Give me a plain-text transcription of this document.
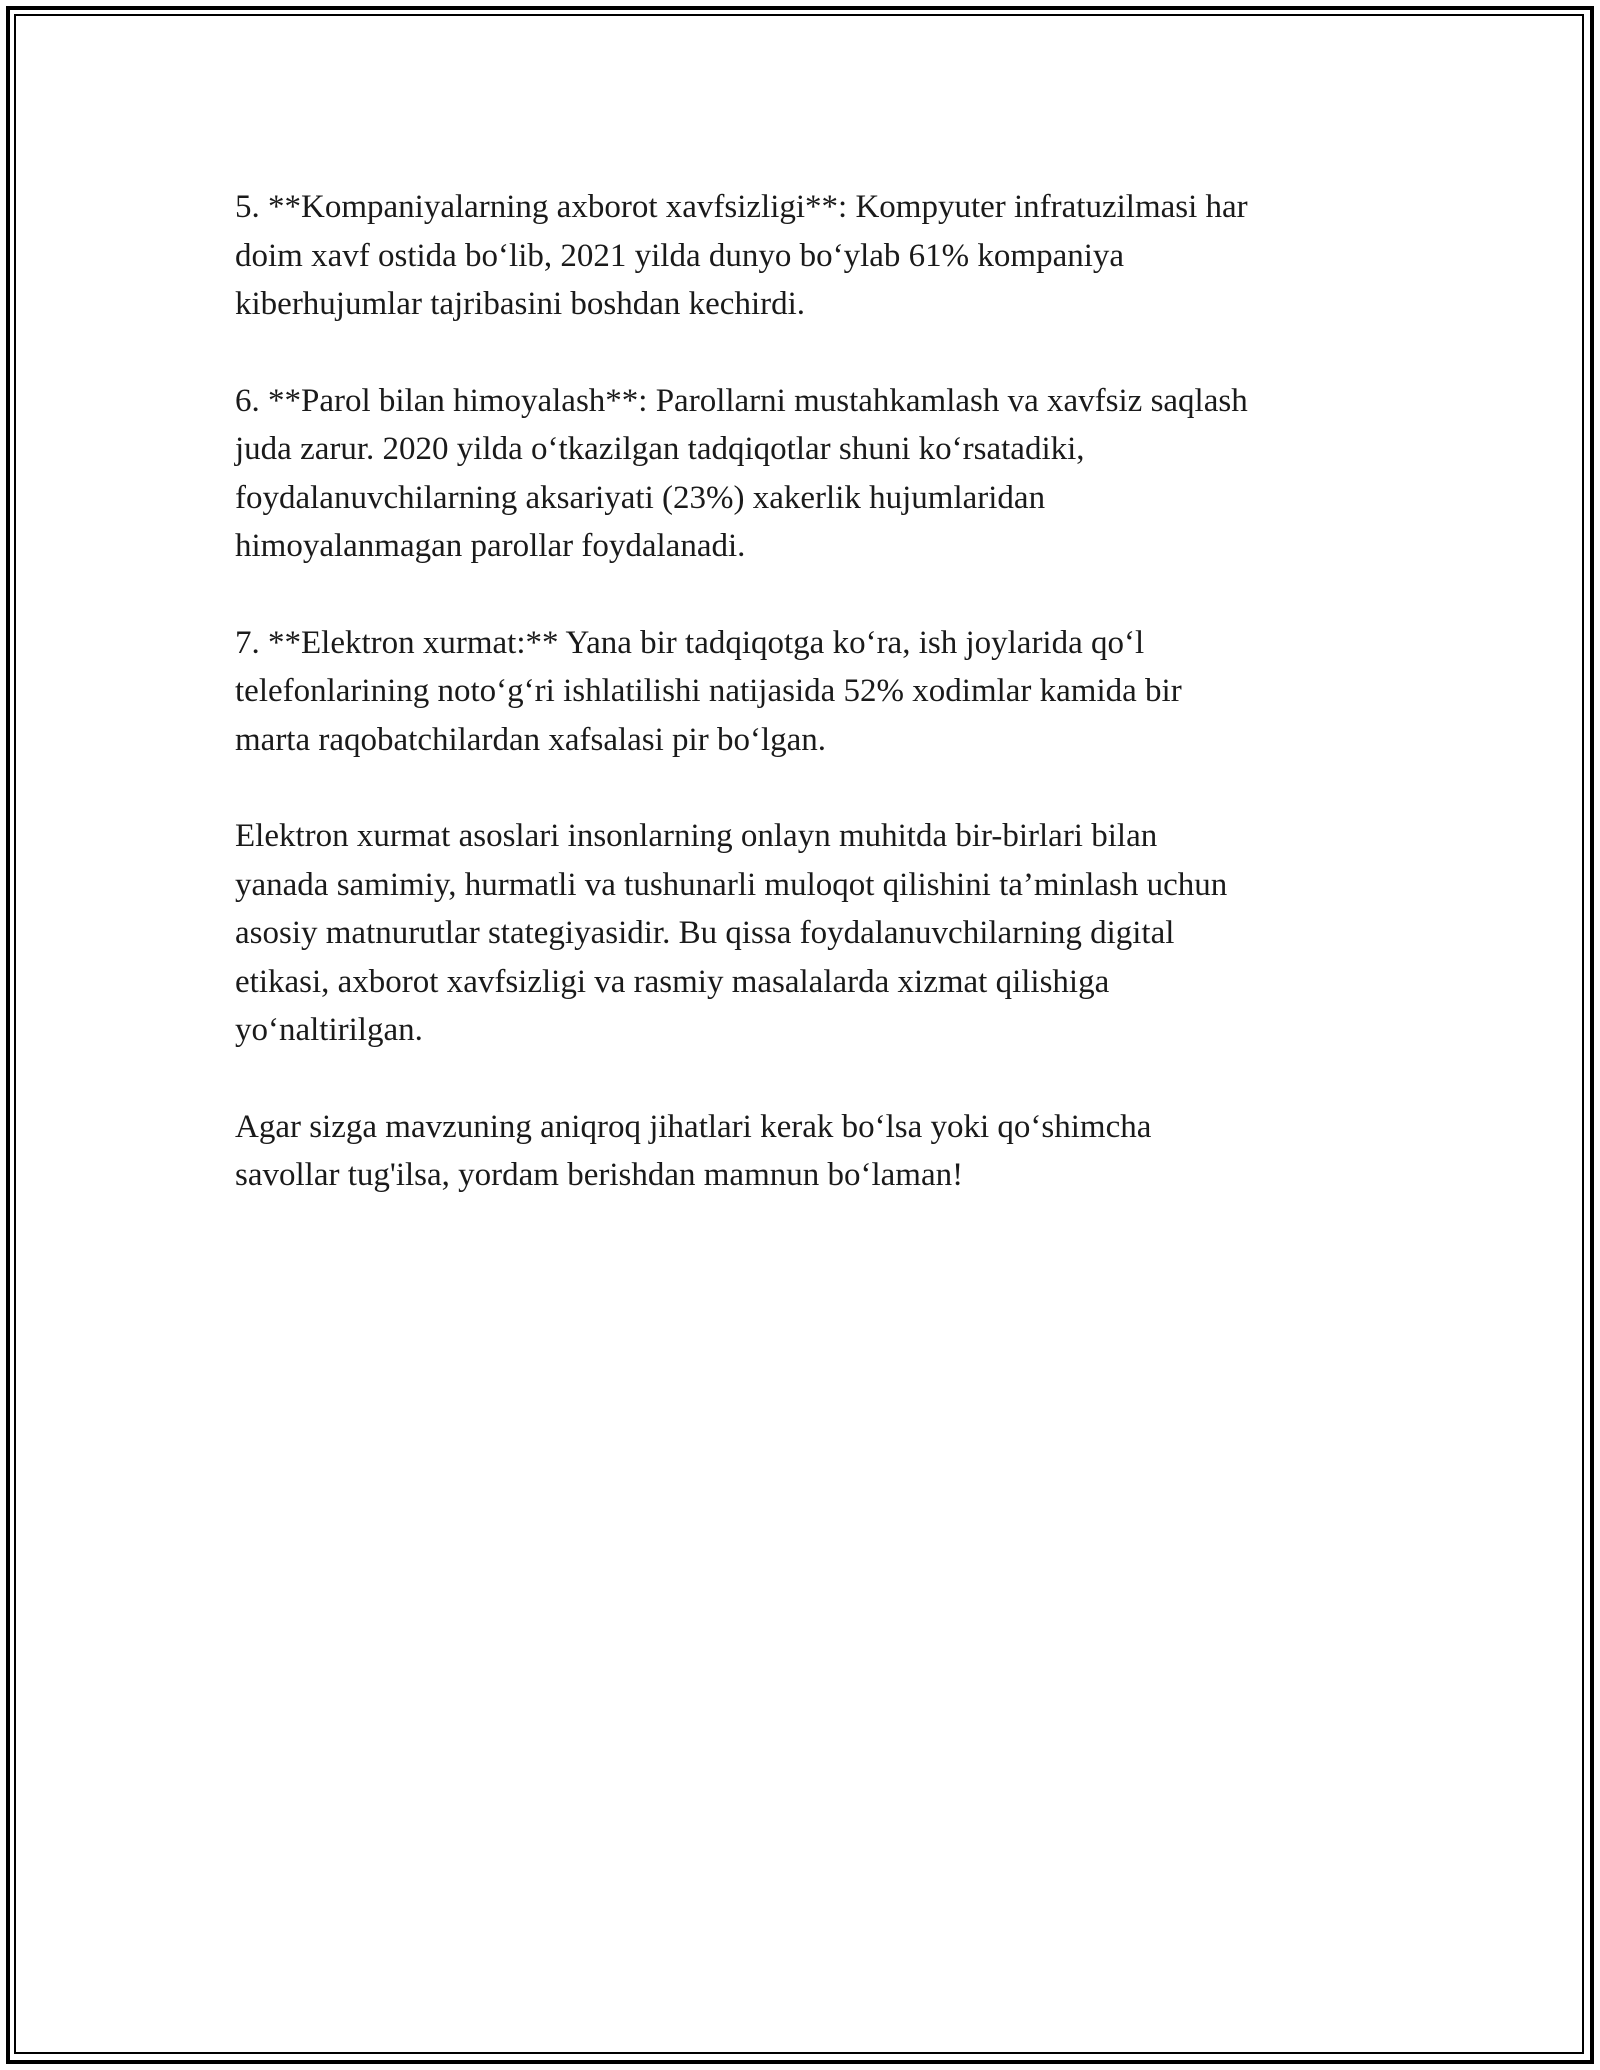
5. **Kompaniyalarning axborot xavfsizligi**: Kompyuter infratuzilmasi har
doim xavf ostida bo‘lib, 2021 yilda dunyo bo‘ylab 61% kompaniya
kiberhujumlar tajribasini boshdan kechirdi.

6. **Parol bilan himoyalash**: Parollarni mustahkamlash va xavfsiz saqlash
juda zarur. 2020 yilda o‘tkazilgan tadqiqotlar shuni ko‘rsatadiki,
foydalanuvchilarning aksariyati (23%) xakerlik hujumlaridan
himoyalanmagan parollar foydalanadi.

7. **Elektron xurmat:** Yana bir tadqiqotga ko‘ra, ish joylarida qo‘l
telefonlarining noto‘g‘ri ishlatilishi natijasida 52% xodimlar kamida bir
marta raqobatchilardan xafsalasi pir bo‘lgan.

Elektron xurmat asoslari insonlarning onlayn muhitda bir-birlari bilan
yanada samimiy, hurmatli va tushunarli muloqot qilishini ta’minlash uchun
asosiy matnurutlar stategiyasidir. Bu qissa foydalanuvchilarning digital
etikasi, axborot xavfsizligi va rasmiy masalalarda xizmat qilishiga
yo‘naltirilgan.

Agar sizga mavzuning aniqroq jihatlari kerak bo‘lsa yoki qo‘shimcha
savollar tug'ilsa, yordam berishdan mamnun bo‘laman!
